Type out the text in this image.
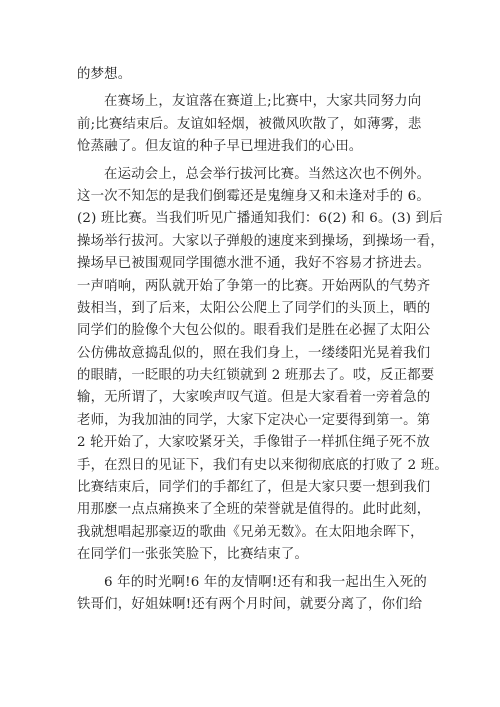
的梦想。
在赛场上，友谊落在赛道上;比赛中，大家共同努力向
前;比赛结束后。友谊如轻烟，被微风吹散了，如薄雾，悲
怆蒸融了。但友谊的种子早已埋进我们的心田。
在运动会上，总会举行拔河比赛。当然这次也不例外。
这一次不知怎的是我们倒霉还是鬼缠身又和未逢对手的 6。
(2) 班比赛。当我们听见广播通知我们：6(2) 和 6。(3) 到后
操场举行拔河。大家以子弹般的速度来到操场，到操场一看，
操场早已被围观同学围德水泄不通，我好不容易才挤进去。
一声哨响，两队就开始了争第一的比赛。开始两队的气势齐
鼓相当，到了后来，太阳公公爬上了同学们的头顶上，晒的
同学们的脸像个大包公似的。眼看我们是胜在必握了太阳公
公仿佛故意捣乱似的，照在我们身上，一缕缕阳光晃着我们
的眼睛，一眨眼的功夫红锁就到 2 班那去了。哎，反正都要
输，无所谓了，大家唉声叹气道。但是大家看着一旁着急的
老师，为我加油的同学，大家下定决心一定要得到第一。第
2 轮开始了，大家咬紧牙关，手像钳子一样抓住绳子死不放
手，在烈日的见证下，我们有史以来彻彻底底的打败了 2 班。
比赛结束后，同学们的手都红了，但是大家只要一想到我们
用那麽一点点痛换来了全班的荣誉就是值得的。此时此刻，
我就想唱起那豪迈的歌曲《兄弟无数》。在太阳地余晖下，
在同学们一张张笑脸下，比赛结束了。
6 年的时光啊!6 年的友情啊!还有和我一起出生入死的
铁哥们，好姐妹啊!还有两个月时间，就要分离了，你们给
